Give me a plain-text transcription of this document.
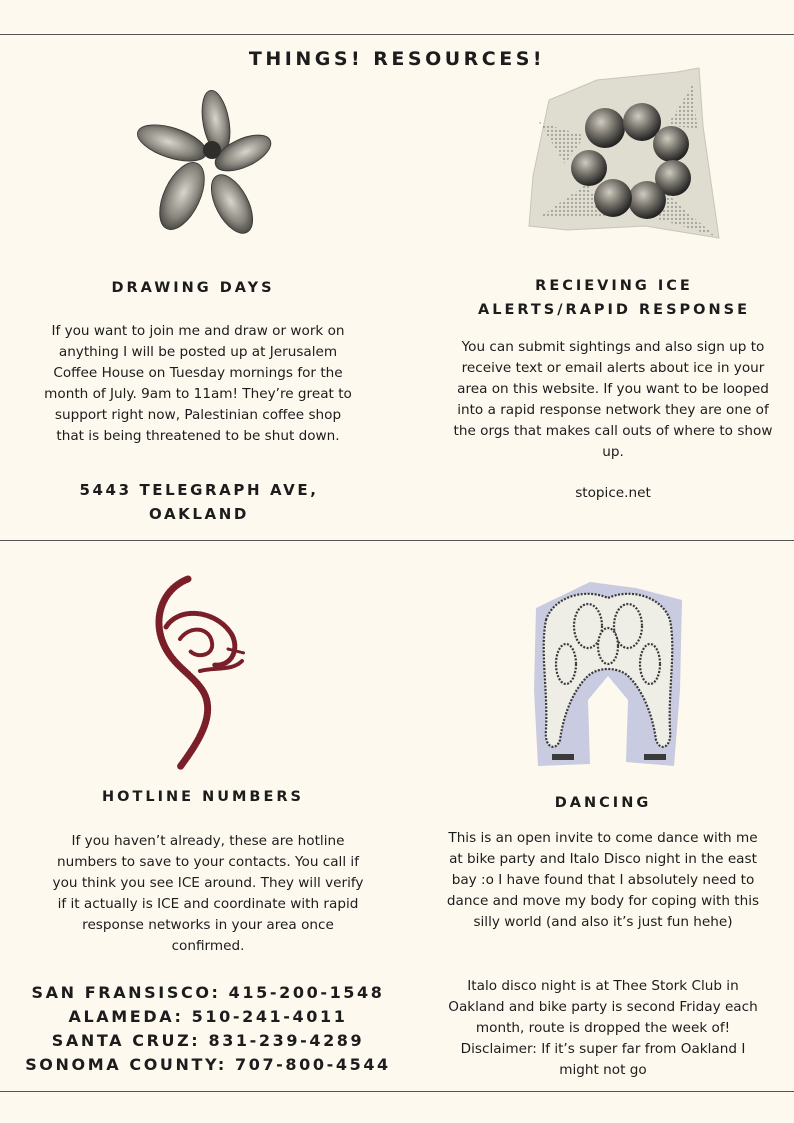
THINGS! RESOURCES!
DRAWING DAYS
If you want to join me and draw or work on anything I will be posted up at Jerusalem Coffee House on Tuesday mornings for the month of July. 9am to 11am! They’re great to support right now, Palestinian coffee shop that is being threatened to be shut down.
5443 TELEGRAPH AVE, OAKLAND
RECIEVING ICE ALERTS/RAPID RESPONSE
You can submit sightings and also sign up to receive text or email alerts about ice in your area on this website. If you want to be looped into a rapid response network they are one of the orgs that makes call outs of where to show up.
stopice.net
HOTLINE NUMBERS
If you haven’t already, these are hotline numbers to save to your contacts. You call if you think you see ICE around. They will verify if it actually is ICE and coordinate with rapid response networks in your area once confirmed.
SAN FRANSISCO: 415-200-1548
ALAMEDA: 510-241-4011
SANTA CRUZ: 831-239-4289
SONOMA COUNTY: 707-800-4544
DANCING
This is an open invite to come dance with me at bike party and Italo Disco night in the east bay :o I have found that I absolutely need to dance and move my body for coping with this silly world (and also it’s just fun hehe)
Italo disco night is at Thee Stork Club in Oakland and bike party is second Friday each month, route is dropped the week of! Disclaimer: If it’s super far from Oakland I might not go
